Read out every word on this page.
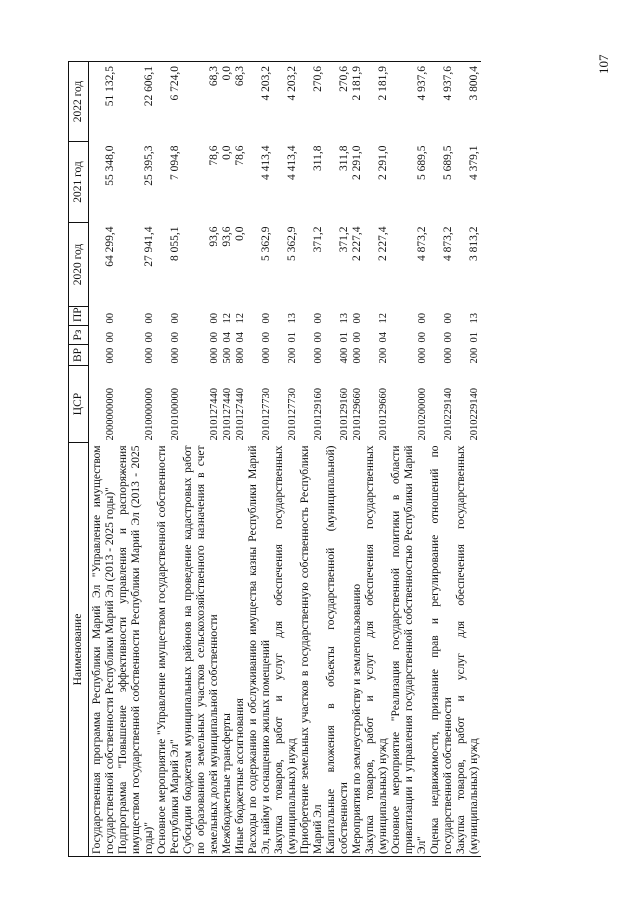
107
Наименование	ЦСР	ВР	Рз	ПР	2020 год	2021 год	2022 год
Государственная программа Республики Марий Эл "Управление имуществом государственной собственности Республики Марий Эл (2013 - 2025 годы)"	2000000000	000	00	00	64 299,4	55 348,0	51 132,5
Подпрограмма "Повышение эффективности управления и распоряжения имуществом государственной собственности Республики Марий Эл (2013 - 2025 годы)"	2010000000	000	00	00	27 941,4	25 395,3	22 606,1
Основное мероприятие "Управление имуществом государственной собственности Республики Марий Эл"	2010100000	000	00	00	8 055,1	7 094,8	6 724,0
Субсидии бюджетам муниципальных районов на проведение кадастровых работ по образованию земельных участков сельскохозяйственного назначения в счет земельных долей муниципальной собственности	2010127440	000	00	00	93,6	78,6	68,3
Межбюджетные трансферты	2010127440	500	04	12	93,6	0,0	0,0
Иные бюджетные ассигнования	2010127440	800	04	12	0,0	78,6	68,3
Расходы по содержанию и обслуживанию имущества казны Республики Марий Эл, найму и оснащению жилых помещений	2010127730	000	00	00	5 362,9	4 413,4	4 203,2
Закупка товаров, работ и услуг для обеспечения государственных (муниципальных) нужд	2010127730	200	01	13	5 362,9	4 413,4	4 203,2
Приобретение земельных участков в государственную собственность Республики Марий Эл	2010129160	000	00	00	371,2	311,8	270,6
Капитальные вложения в объекты государственной (муниципальной) собственности	2010129160	400	01	13	371,2	311,8	270,6
Мероприятия по землеустройству и землепользованию	2010129660	000	00	00	2 227,4	2 291,0	2 181,9
Закупка товаров, работ и услуг для обеспечения государственных (муниципальных) нужд	2010129660	200	04	12	2 227,4	2 291,0	2 181,9
Основное мероприятие "Реализация государственной политики в области приватизации и управления государственной собственностью Республики Марий Эл"	2010200000	000	00	00	4 873,2	5 689,5	4 937,6
Оценка недвижимости, признание прав и регулирование отношений по государственной собственности	2010229140	000	00	00	4 873,2	5 689,5	4 937,6
Закупка товаров, работ и услуг для обеспечения государственных (муниципальных) нужд	2010229140	200	01	13	3 813,2	4 379,1	3 800,4
